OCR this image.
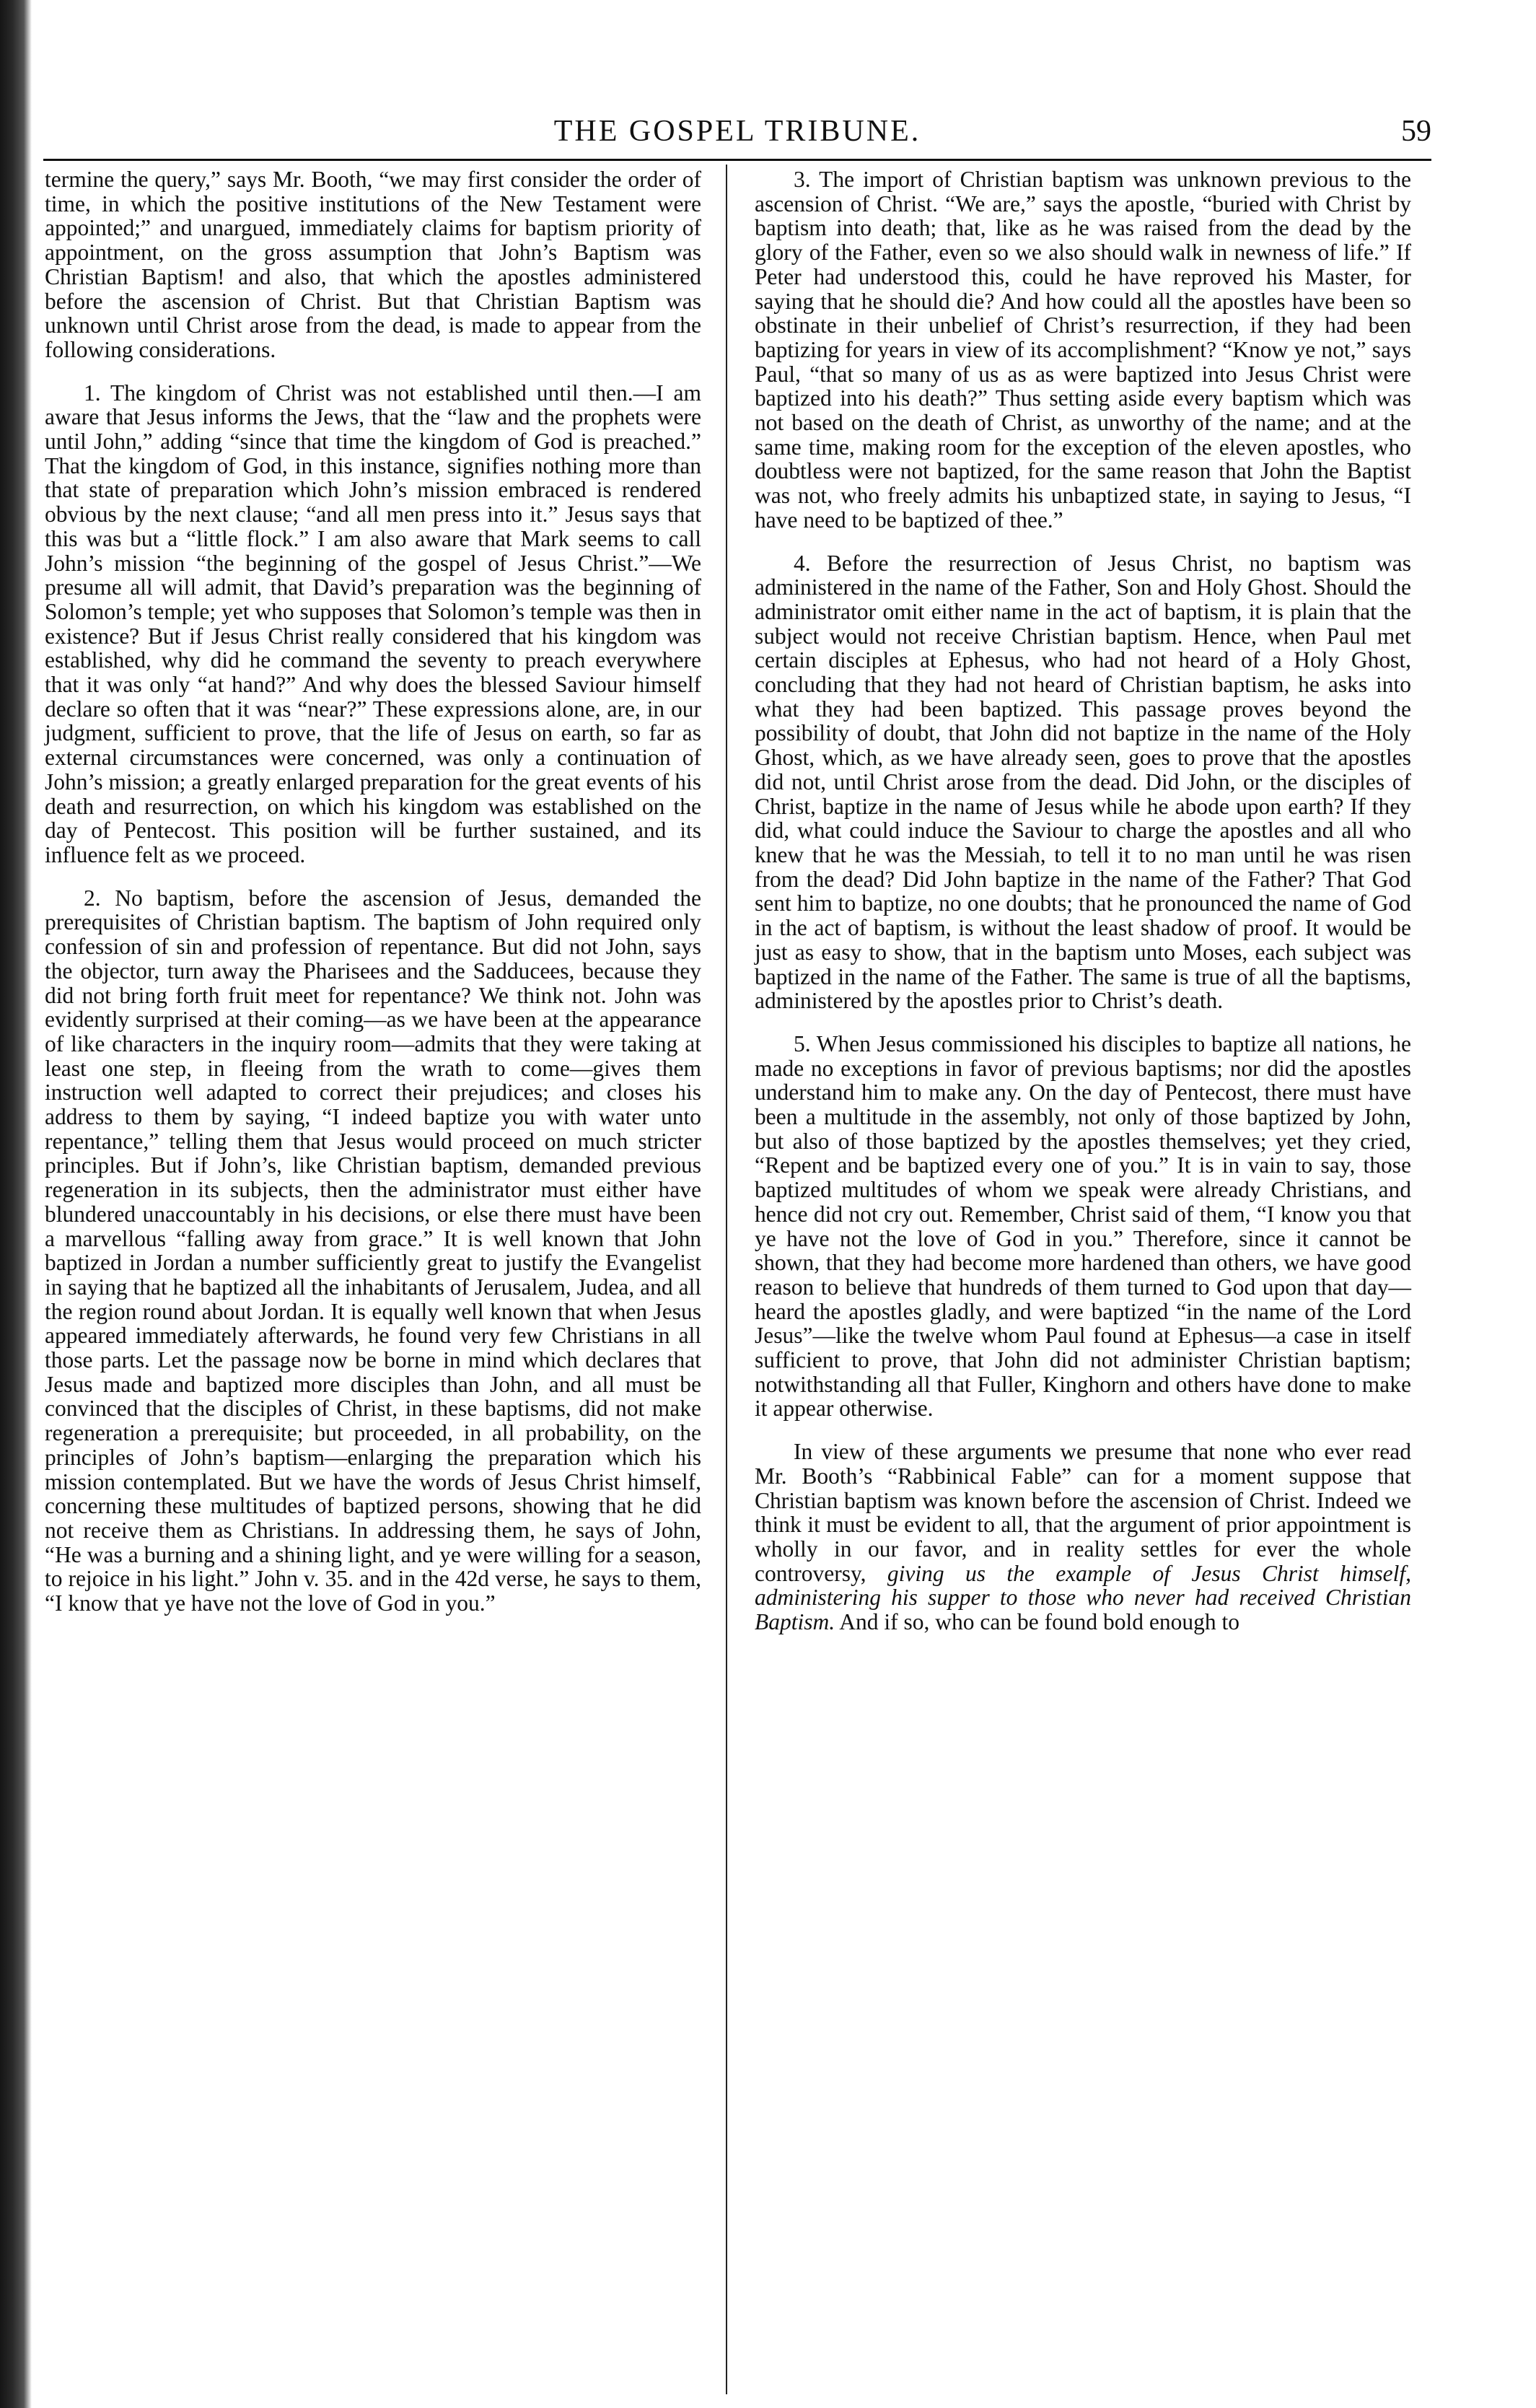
THE GOSPEL TRIBUNE.	59

termine the query,” says Mr. Booth, “we may first consider the order of time, in which the positive institutions of the New Testament were appointed;” and unargued, immediately claims for baptism priority of appointment, on the gross assumption that John’s Baptism was Christian Baptism! and also, that which the apostles administered before the ascension of Christ. But that Christian Baptism was unknown until Christ arose from the dead, is made to appear from the following considerations.

1. The kingdom of Christ was not established until then.—I am aware that Jesus informs the Jews, that the “law and the prophets were until John,” adding “since that time the kingdom of God is preached.” That the kingdom of God, in this instance, signifies nothing more than that state of preparation which John’s mission embraced is rendered obvious by the next clause; “and all men press into it.” Jesus says that this was but a “little flock.” I am also aware that Mark seems to call John’s mission “the beginning of the gospel of Jesus Christ.”—We presume all will admit, that David’s preparation was the beginning of Solomon’s temple; yet who supposes that Solomon’s temple was then in existence? But if Jesus Christ really considered that his kingdom was established, why did he command the seventy to preach everywhere that it was only “at hand?” And why does the blessed Saviour himself declare so often that it was “near?” These expressions alone, are, in our judgment, sufficient to prove, that the life of Jesus on earth, so far as external circumstances were concerned, was only a continuation of John’s mission; a greatly enlarged preparation for the great events of his death and resurrection, on which his kingdom was established on the day of Pentecost. This position will be further sustained, and its influence felt as we proceed.

2. No baptism, before the ascension of Jesus, demanded the prerequisites of Christian baptism. The baptism of John required only confession of sin and profession of repentance. But did not John, says the objector, turn away the Pharisees and the Sadducees, because they did not bring forth fruit meet for repentance? We think not. John was evidently surprised at their coming—as we have been at the appearance of like characters in the inquiry room—admits that they were taking at least one step, in fleeing from the wrath to come—gives them instruction well adapted to correct their prejudices; and closes his address to them by saying, “I indeed baptize you with water unto repentance,” telling them that Jesus would proceed on much stricter principles. But if John’s, like Christian baptism, demanded previous regeneration in its subjects, then the administrator must either have blundered unaccountably in his decisions, or else there must have been a marvellous “falling away from grace.” It is well known that John baptized in Jordan a number sufficiently great to justify the Evangelist in saying that he baptized all the inhabitants of Jerusalem, Judea, and all the region round about Jordan. It is equally well known that when Jesus appeared immediately afterwards, he found very few Christians in all those parts. Let the passage now be borne in mind which declares that Jesus made and baptized more disciples than John, and all must be convinced that the disciples of Christ, in these baptisms, did not make regeneration a prerequisite; but proceeded, in all probability, on the principles of John’s baptism—enlarging the preparation which his mission contemplated. But we have the words of Jesus Christ himself, concerning these multitudes of baptized persons, showing that he did not receive them as Christians. In addressing them, he says of John, “He was a burning and a shining light, and ye were willing for a season, to rejoice in his light.” John v. 35. and in the 42d verse, he says to them, “I know that ye have not the love of God in you.”

3. The import of Christian baptism was unknown previous to the ascension of Christ. “We are,” says the apostle, “buried with Christ by baptism into death; that, like as he was raised from the dead by the glory of the Father, even so we also should walk in newness of life.” If Peter had understood this, could he have reproved his Master, for saying that he should die? And how could all the apostles have been so obstinate in their unbelief of Christ’s resurrection, if they had been baptizing for years in view of its accomplishment? “Know ye not,” says Paul, “that so many of us as as were baptized into Jesus Christ were baptized into his death?” Thus setting aside every baptism which was not based on the death of Christ, as unworthy of the name; and at the same time, making room for the exception of the eleven apostles, who doubtless were not baptized, for the same reason that John the Baptist was not, who freely admits his unbaptized state, in saying to Jesus, “I have need to be baptized of thee.”

4. Before the resurrection of Jesus Christ, no baptism was administered in the name of the Father, Son and Holy Ghost. Should the administrator omit either name in the act of baptism, it is plain that the subject would not receive Christian baptism. Hence, when Paul met certain disciples at Ephesus, who had not heard of a Holy Ghost, concluding that they had not heard of Christian baptism, he asks into what they had been baptized. This passage proves beyond the possibility of doubt, that John did not baptize in the name of the Holy Ghost, which, as we have already seen, goes to prove that the apostles did not, until Christ arose from the dead. Did John, or the disciples of Christ, baptize in the name of Jesus while he abode upon earth? If they did, what could induce the Saviour to charge the apostles and all who knew that he was the Messiah, to tell it to no man until he was risen from the dead? Did John baptize in the name of the Father? That God sent him to baptize, no one doubts; that he pronounced the name of God in the act of baptism, is without the least shadow of proof. It would be just as easy to show, that in the baptism unto Moses, each subject was baptized in the name of the Father. The same is true of all the baptisms, administered by the apostles prior to Christ’s death.

5. When Jesus commissioned his disciples to baptize all nations, he made no exceptions in favor of previous baptisms; nor did the apostles understand him to make any. On the day of Pentecost, there must have been a multitude in the assembly, not only of those baptized by John, but also of those baptized by the apostles themselves; yet they cried, “Repent and be baptized every one of you.” It is in vain to say, those baptized multitudes of whom we speak were already Christians, and hence did not cry out. Remember, Christ said of them, “I know you that ye have not the love of God in you.” Therefore, since it cannot be shown, that they had become more hardened than others, we have good reason to believe that hundreds of them turned to God upon that day—heard the apostles gladly, and were baptized “in the name of the Lord Jesus”—like the twelve whom Paul found at Ephesus—a case in itself sufficient to prove, that John did not administer Christian baptism; notwithstanding all that Fuller, Kinghorn and others have done to make it appear otherwise.

In view of these arguments we presume that none who ever read Mr. Booth’s “Rabbinical Fable” can for a moment suppose that Christian baptism was known before the ascension of Christ. Indeed we think it must be evident to all, that the argument of prior appointment is wholly in our favor, and in reality settles for ever the whole controversy, giving us the example of Jesus Christ himself, administering his supper to those who never had received Christian Baptism. And if so, who can be found bold enough to
